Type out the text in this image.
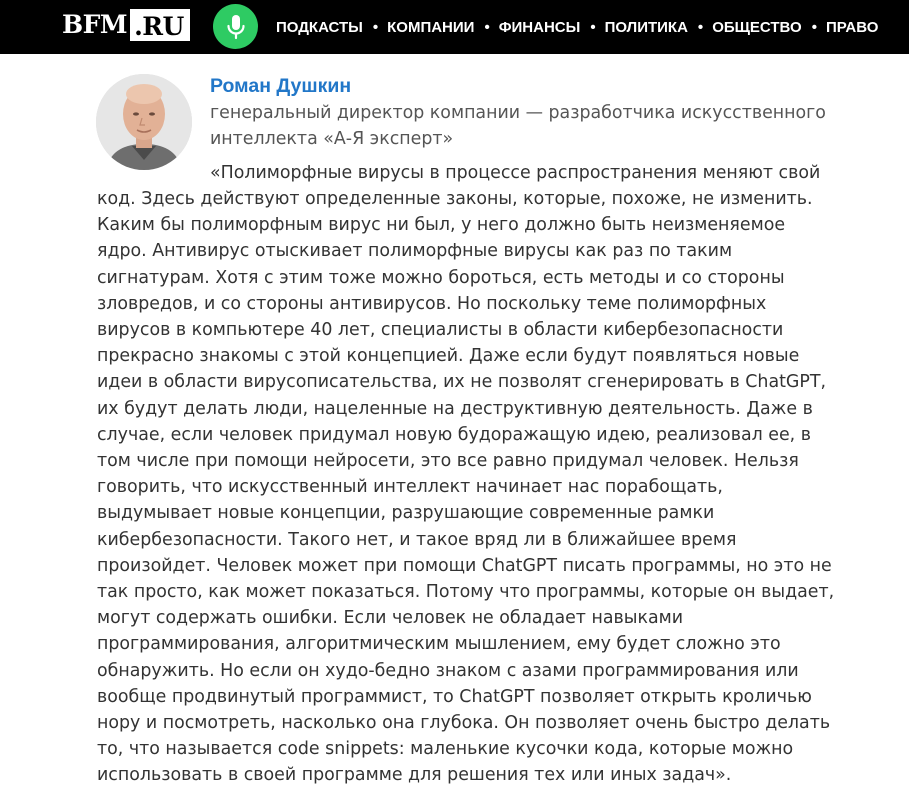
BFM .RU	ПОДКАСТЫ • КОМПАНИИ • ФИНАНСЫ • ПОЛИТИКА • ОБЩЕСТВО • ПРАВО
Роман Душкин
генеральный директор компании — разработчика искусственного
интеллекта «А-Я эксперт»
«Полиморфные вирусы в процессе распространения меняют свой
код. Здесь действуют определенные законы, которые, похоже, не изменить.
Каким бы полиморфным вирус ни был, у него должно быть неизменяемое
ядро. Антивирус отыскивает полиморфные вирусы как раз по таким
сигнатурам. Хотя с этим тоже можно бороться, есть методы и со стороны
зловредов, и со стороны антивирусов. Но поскольку теме полиморфных
вирусов в компьютере 40 лет, специалисты в области кибербезопасности
прекрасно знакомы с этой концепцией. Даже если будут появляться новые
идеи в области вирусописательства, их не позволят сгенерировать в ChatGPT,
их будут делать люди, нацеленные на деструктивную деятельность. Даже в
случае, если человек придумал новую будоражащую идею, реализовал ее, в
том числе при помощи нейросети, это все равно придумал человек. Нельзя
говорить, что искусственный интеллект начинает нас порабощать,
выдумывает новые концепции, разрушающие современные рамки
кибербезопасности. Такого нет, и такое вряд ли в ближайшее время
произойдет. Человек может при помощи ChatGPT писать программы, но это не
так просто, как может показаться. Потому что программы, которые он выдает,
могут содержать ошибки. Если человек не обладает навыками
программирования, алгоритмическим мышлением, ему будет сложно это
обнаружить. Но если он худо-бедно знаком с азами программирования или
вообще продвинутый программист, то ChatGPT позволяет открыть кроличью
нору и посмотреть, насколько она глубока. Он позволяет очень быстро делать
то, что называется code snippets: маленькие кусочки кода, которые можно
использовать в своей программе для решения тех или иных задач».
